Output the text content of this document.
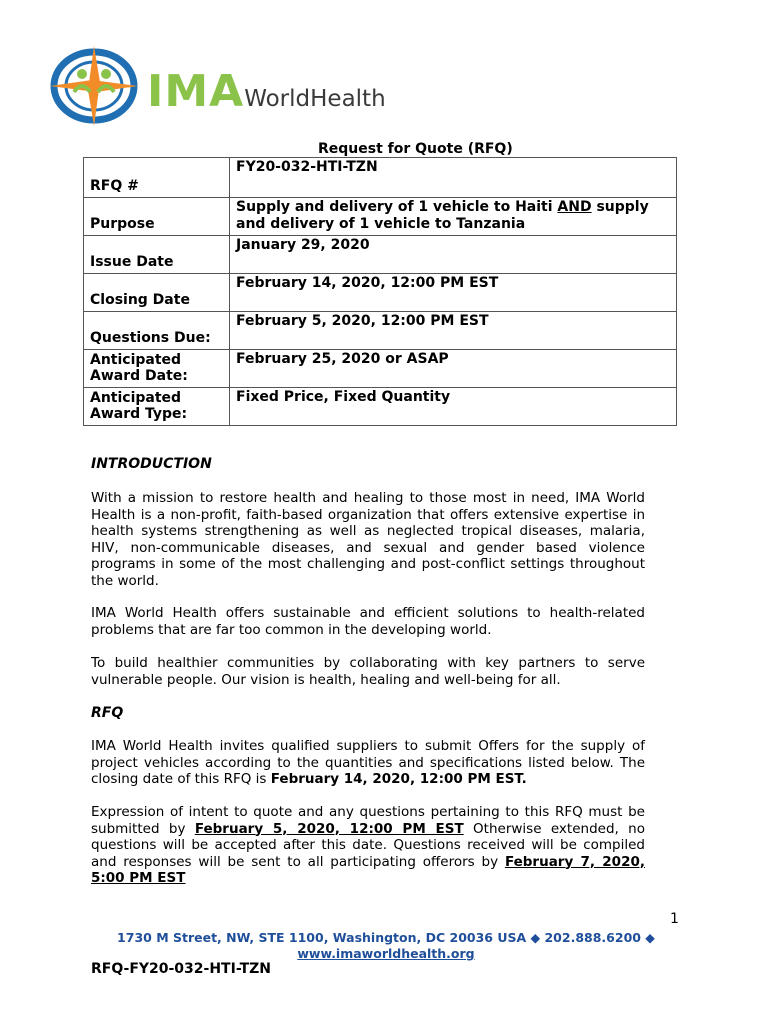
IMAWorldHealth
Request for Quote (RFQ)
RFQ #	FY20-032-HTI-TZN
Purpose	Supply and delivery of 1 vehicle to Haiti AND supply and delivery of 1 vehicle to Tanzania
Issue Date	January 29, 2020
Closing Date	February 14, 2020, 12:00 PM EST
Questions Due:	February 5, 2020, 12:00 PM EST
Anticipated Award Date:	February 25, 2020 or ASAP
Anticipated Award Type:	Fixed Price, Fixed Quantity
INTRODUCTION
With a mission to restore health and healing to those most in need, IMA World Health is a non-profit, faith-based organization that offers extensive expertise in health systems strengthening as well as neglected tropical diseases, malaria, HIV, non-communicable diseases, and sexual and gender based violence programs in some of the most challenging and post-conflict settings throughout the world.
IMA World Health offers sustainable and efficient solutions to health-related problems that are far too common in the developing world.
To build healthier communities by collaborating with key partners to serve vulnerable people. Our vision is health, healing and well-being for all.
RFQ
IMA World Health invites qualified suppliers to submit Offers for the supply of project vehicles according to the quantities and specifications listed below. The closing date of this RFQ is February 14, 2020, 12:00 PM EST.
Expression of intent to quote and any questions pertaining to this RFQ must be submitted by February 5, 2020, 12:00 PM EST Otherwise extended, no questions will be accepted after this date. Questions received will be compiled and responses will be sent to all participating offerors by February 7, 2020, 5:00 PM EST
1
1730 M Street, NW, STE 1100, Washington, DC 20036 USA ◆ 202.888.6200 ◆
www.imaworldhealth.org
RFQ-FY20-032-HTI-TZN
